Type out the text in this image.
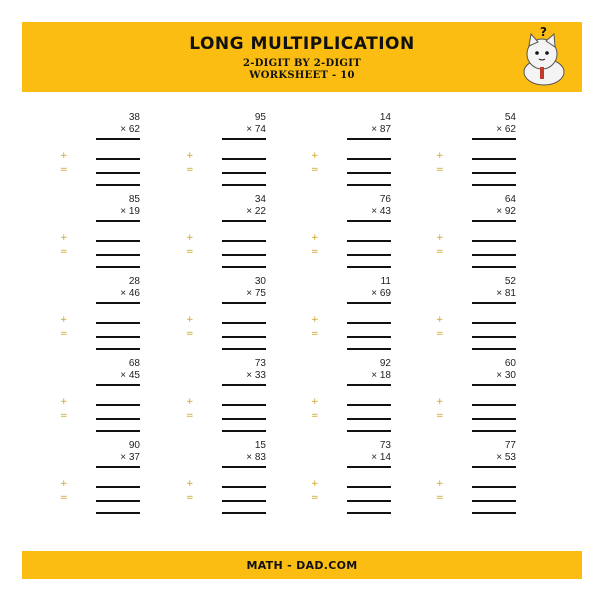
LONG MULTIPLICATION
2-DIGIT BY 2-DIGIT
WORKSHEET - 10
?
38
× 62
+
=
95
× 74
+
=
14
× 87
+
=
54
× 62
+
=
85
× 19
+
=
34
× 22
+
=
76
× 43
+
=
64
× 92
+
=
28
× 46
+
=
30
× 75
+
=
11
× 69
+
=
52
× 81
+
=
68
× 45
+
=
73
× 33
+
=
92
× 18
+
=
60
× 30
+
=
90
× 37
+
=
15
× 83
+
=
73
× 14
+
=
77
× 53
+
=
MATH - DAD.COM
